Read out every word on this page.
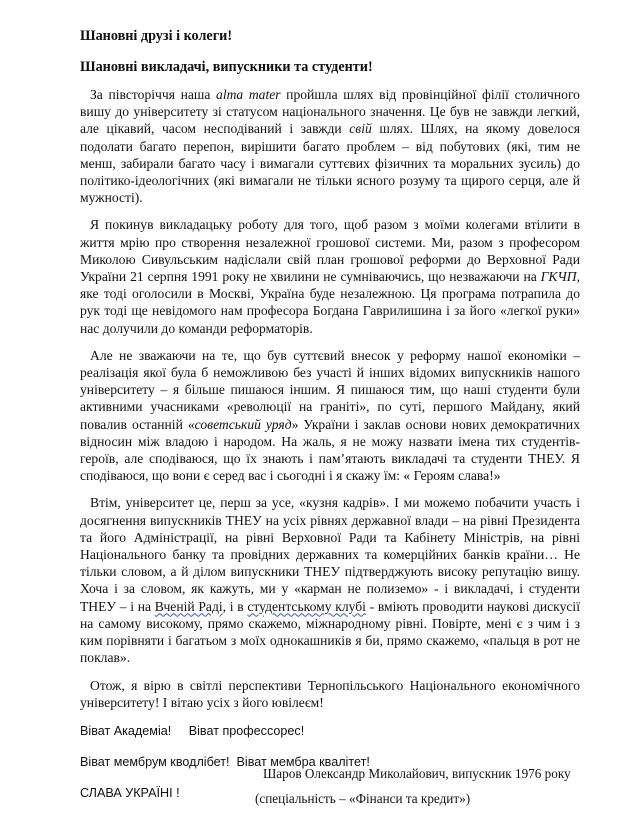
Шановні друзі і колеги!

Шановні викладачі, випускники та студенти!

За півсторіччя наша alma mater пройшла шлях від провінційної філії столичного вишу до університету зі статусом національного значення. Це був не завжди легкий, але цікавий, часом несподіваний і завжди свій шлях. Шлях, на якому довелося подолати багато перепон, вирішити багато проблем – від побутових (які, тим не менш, забирали багато часу і вимагали суттєвих фізичних та моральних зусиль) до політико-ідеологічних (які вимагали не тільки ясного розуму та щирого серця, але й мужності).

Я покинув викладацьку роботу для того, щоб разом з моїми колегами втілити в життя мрію про створення незалежної грошової системи. Ми, разом з професором Миколою Сивульським надіслали свій план грошової реформи до Верховної Ради України 21 серпня 1991 року не хвилини не сумніваючись, що незважаючи на ГКЧП, яке тоді оголосили в Москві, Україна буде незалежною. Ця програма потрапила до рук тоді ще невідомого нам професора Богдана Гаврилишина і за його «легкої руки» нас долучили до команди реформаторів.

Але не зважаючи на те, що був суттєвий внесок у реформу нашої економіки – реалізація якої була б неможливою без участі й інших відомих випускників нашого університету – я більше пишаюся іншим. Я пишаюся тим, що наші студенти були активними учасниками «революції на граніті», по суті, першого Майдану, який повалив останній «советський уряд» України і заклав основи нових демократичних відносин між владою і народом. На жаль, я не можу назвати імена тих студентів-героїв, але сподіваюся, що їх знають і пам’ятають викладачі та студенти ТНЕУ. Я сподіваюся, що вони є серед вас і сьогодні і я скажу їм: « Героям слава!»

Втім, університет це, перш за усе, «кузня кадрів». І ми можемо побачити участь і досягнення випускників ТНЕУ на усіх рівнях державної влади – на рівні Президента та його Адміністрації, на рівні Верховної Ради та Кабінету Міністрів, на рівні Національного банку та провідних державних та комерційних банків країни… Не тільки словом, а й ділом випускники ТНЕУ підтверджують високу репутацію вишу. Хоча і за словом, як кажуть, ми у «карман не полиземо» - і викладачі, і студенти ТНЕУ – і на Вченій Раді, і в студентському клубі - вміють проводити наукові дискусії на самому високому, прямо скажемо, міжнародному рівні. Повірте, мені є з чим і з ким порівняти і багатьом з моїх однокашників я би, прямо скажемо, «пальця в рот не поклав».

Отож, я вірю в світлі перспективи Тернопільського Національного економічного університету! І вітаю усіх з його ювілеєм!

Віват Академіа!     Віват профессорес!

Віват мембрум кводлібет!  Віват мембра квалітет!

СЛАВА УКРАЇНІ !

Шаров Олександр Миколайович, випускник 1976 року
(спеціальність – «Фінанси та кредит»)
